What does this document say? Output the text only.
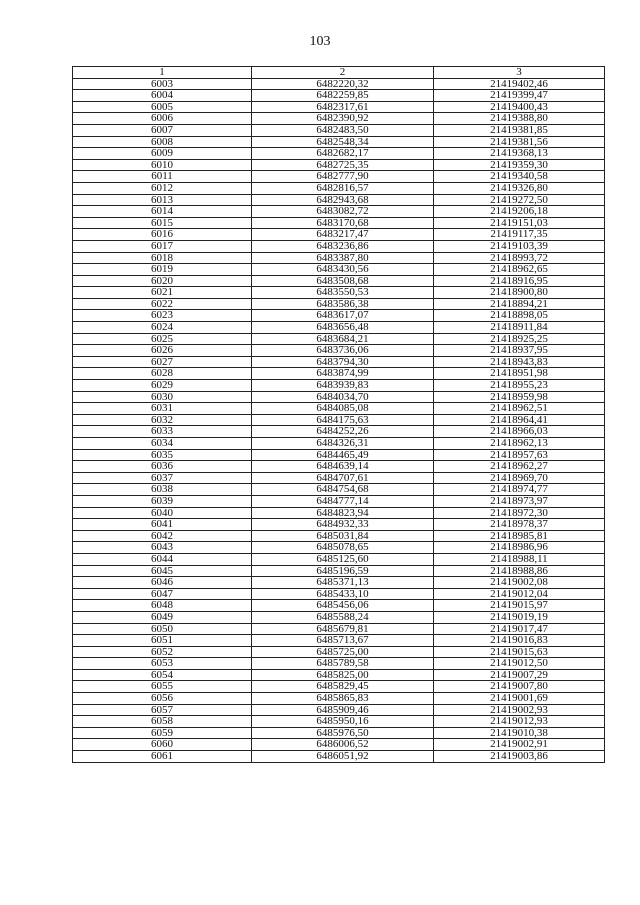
103
1	2	3
6003	6482220,32	21419402,46
6004	6482259,85	21419399,47
6005	6482317,61	21419400,43
6006	6482390,92	21419388,80
6007	6482483,50	21419381,85
6008	6482548,34	21419381,56
6009	6482682,17	21419368,13
6010	6482725,35	21419359,30
6011	6482777,90	21419340,58
6012	6482816,57	21419326,80
6013	6482943,68	21419272,50
6014	6483082,72	21419206,18
6015	6483170,68	21419151,03
6016	6483217,47	21419117,35
6017	6483236,86	21419103,39
6018	6483387,80	21418993,72
6019	6483430,56	21418962,65
6020	6483508,68	21418916,95
6021	6483550,53	21418900,80
6022	6483586,38	21418894,21
6023	6483617,07	21418898,05
6024	6483656,48	21418911,84
6025	6483684,21	21418925,25
6026	6483736,06	21418937,95
6027	6483794,30	21418943,83
6028	6483874,99	21418951,98
6029	6483939,83	21418955,23
6030	6484034,70	21418959,98
6031	6484085,08	21418962,51
6032	6484175,63	21418964,41
6033	6484252,26	21418966,03
6034	6484326,31	21418962,13
6035	6484465,49	21418957,63
6036	6484639,14	21418962,27
6037	6484707,61	21418969,70
6038	6484754,68	21418974,77
6039	6484777,14	21418973,97
6040	6484823,94	21418972,30
6041	6484932,33	21418978,37
6042	6485031,84	21418985,81
6043	6485078,65	21418986,96
6044	6485125,60	21418988,11
6045	6485196,59	21418988,86
6046	6485371,13	21419002,08
6047	6485433,10	21419012,04
6048	6485456,06	21419015,97
6049	6485588,24	21419019,19
6050	6485679,81	21419017,47
6051	6485713,67	21419016,83
6052	6485725,00	21419015,63
6053	6485789,58	21419012,50
6054	6485825,00	21419007,29
6055	6485829,45	21419007,80
6056	6485865,83	21419001,69
6057	6485909,46	21419002,93
6058	6485950,16	21419012,93
6059	6485976,50	21419010,38
6060	6486006,52	21419002,91
6061	6486051,92	21419003,86
